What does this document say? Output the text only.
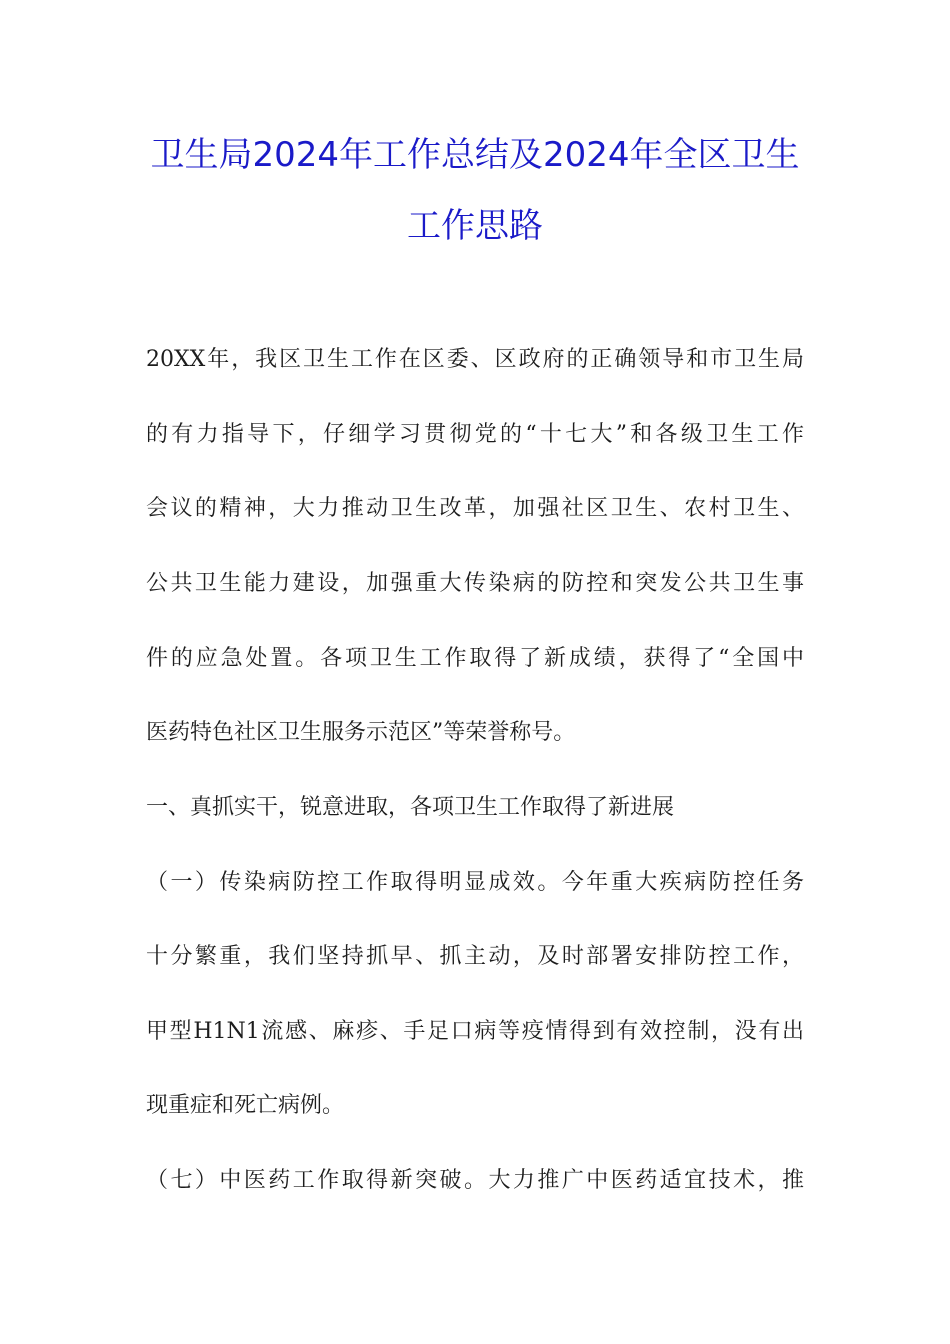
卫生局2024年工作总结及2024年全区卫生
工作思路
20XX年，我区卫生工作在区委、区政府的正确领导和市卫生局
的有力指导下，仔细学习贯彻党的“十七大”和各级卫生工作
会议的精神，大力推动卫生改革，加强社区卫生、农村卫生、
公共卫生能力建设，加强重大传染病的防控和突发公共卫生事
件的应急处置。各项卫生工作取得了新成绩，获得了“全国中
医药特色社区卫生服务示范区”等荣誉称号。
一、真抓实干，锐意进取，各项卫生工作取得了新进展
（一）传染病防控工作取得明显成效。今年重大疾病防控任务
十分繁重，我们坚持抓早、抓主动，及时部署安排防控工作，
甲型H1N1流感、麻疹、手足口病等疫情得到有效控制，没有出
现重症和死亡病例。
（七）中医药工作取得新突破。大力推广中医药适宜技术，推
